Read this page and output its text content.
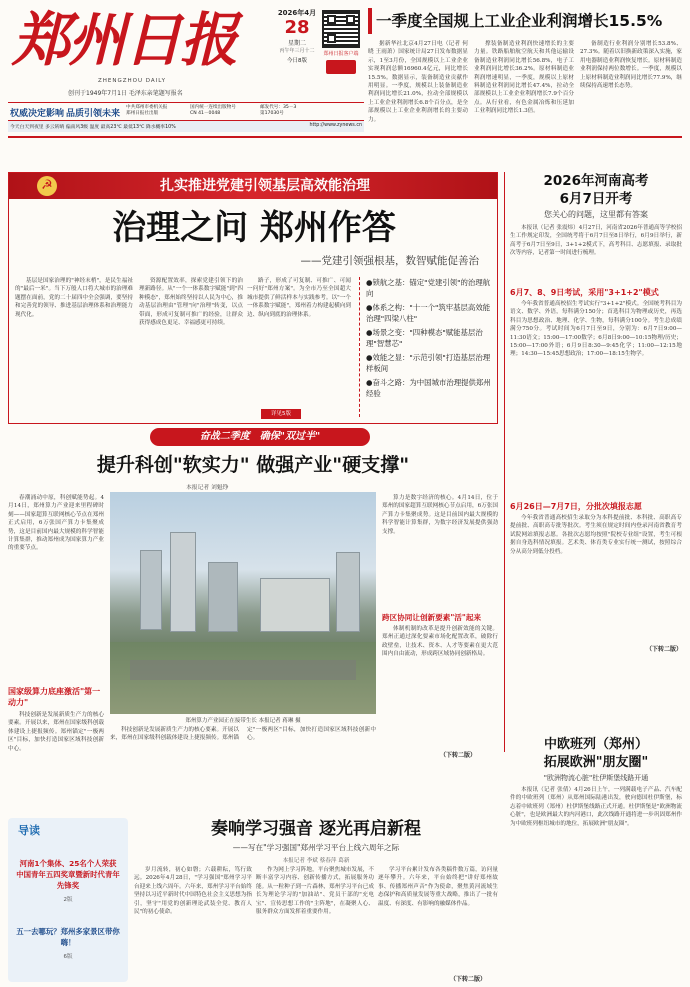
郑州日报
ZHENGZHOU DAILY
创刊于1949年7月1日 毛泽东亲笔题写报名
2026年4月
28
星期二
丙午年三月十二
今日8版
郑州日报客户端
权威决定影响 品质引领未来
中共郑州市委机关报
郑州日报社出版
国内统一连续出版物号
CN 41－0048
邮发代号：35－3
第17030号
今天白天到夜里 多云转晴 偏南风3级 温度 最高23℃ 最低13℃ 降水概率10%	http://www.zynews.cn
一季度全国规上工业企业利润增长15.5%

据新华社北京4月27日电（记者 何晓 王雨萧）国家统计局27日发布数据显示，1至3月份，全国规模以上工业企业实现利润总额16960.4亿元，同比增长15.5%。数据显示，装备制造业贡献作用明显。一季度，规模以上装备制造业利润同比增长21.0%，拉动全部规模以上工业企业利润增长6.8个百分点，是全部规模以上工业企业利润增长的主要动力。

撑装备制造业利润快速增长的主要力量。铁路船舶航空航天和其他运输设备制造业利润同比增长56.8%，电子工业利润同比增长36.2%。原材料制造业利润增速明显，一季度，规模以上原材料制造业利润同比增长47.4%，拉动全部规模以上工业企业利润增长7.9个百分点。从行业看，有色金属冶炼和压延加工业利润同比增长1.3倍。

备制造行业利润分别增长53.8%、27.3%。随着以旧换新政策深入实施，家用电器制造业利润恢复增长。原材料制造业利润保持两位数增长。一季度，规模以上原材料制造业利润同比增长77.9%，继续保持高速增长态势。

☭	扎实推进党建引领基层高效能治理
治理之问 郑州作答
——党建引领强根基，数智赋能促善治

基层是国家治理的"神经末梢"，是民生福祉的"最后一米"。当下万般人口将大城市的治理难题摆在面前，党的二十届四中全会强调，要坚持和完善党的领导、推进基层治理体系和治理能力现代化。

资源配置效率，探索党建引领下的治理新路径。从"一个一体系数字赋能"到"四种模态"，郑州始终坚持以人民为中心，推动基层治理由"管理"向"治理"转变，以点带面，形成可复制可推广的经验，让群众获得感成色更足、幸福感更可持续。

路子，形成了可复制、可推广、可闻一问好"郑州方案"。为全市乃至全国超大城市提供了鲜活样本与实践参考。以"一个一体系数字赋能"，郑州着力构建起横向到边、纵向到底的治理体系。

详见5版
●锁航之基：锚定"党建引领"的治理航向
●体系之构："十一个"筑牢基层高效能治理"四梁八柱"
●场景之变："四种模态"赋能基层治理"智慧芯"
●效能之显："示范引领"打造基层治理样板间
●奋斗之路：为中国城市治理提供郑州经验
奋战二季度　确保"双过半"
提升科创"软实力" 做强产业"硬支撑"
本报记者 刘魁铮

春潮涌动中原，科创赋能势起。4月14日，郑州算力产业迎来里程碑时刻——国家超算互联网核心节点在郑州正式启用，6万张国产算力卡集聚成势，这是目前国内最大规模的科学智能计算集群，推动郑州成为国家算力产业的重要节点。

国家级算力底座激活"第一动力"

科技创新是发展新质生产力的核心要素。开展以来，郑州在国家级科创载体建设上捷报频传。郑州锚定"一极两区"目标，加快打造国家区域科技创新中心。

郑州算力产业园正在接带生长 本报记者 蒋琳 摄

算力是数字经济的核心。4月14日，位于郑州的国家超算互联网核心节点启用，6万张国产算力卡集聚成势。这是目前国内最大规模的科学智能计算集群，为数字经济发展提供强劲支撑。

跨区协同让创新要素"活"起来

体制机制的改革是提升创新效能的关键。郑州正通过深化要素市场化配置改革，破除行政壁垒，让技术、资本、人才等要素在更大范围内自由流动，形成跨区域协同创新格局。

（下转二版）

科技创新是发展新质生产力的核心要素。开展以来，郑州在国家级科创载体建设上捷报频传。郑州锚定"一极两区"目标，加快打造国家区域科技创新中心。

2026年河南高考
6月7日开考
您关心的问题，这里都有答案

本报讯（记者 张震炜）4月27日，河南省2026年普通高等学校招生工作规定印发，全国统考将于6月7日至8日举行，6月9日举行，新高考于6月7日至9日，3+1+2模式下，高考科目、志愿填报、录取批次等内容，记者第一时间进行梳理。

6月7、8、9日考试，采用"3+1+2"模式

今年我省普通高校招生考试实行"3+1+2"模式。全国统考科目为语文、数学、外语，每科满分150分；首选科目为物理或历史，再选科目为思想政治、地理、化学、生物，每科满分100分。考生总成绩满分750分。考试时间为6月7日至9日，分别为：6月7日9:00—11:30语文；15:00—17:00数学；6月8日9:00—10:15物理/历史；15:00—17:00外语；6月9日8:30—9:45化学；11:00—12:15地理；14:30—15:45思想政治；17:00—18:15生物学。

6月26日—7月7日，分批次填报志愿

今年我省普通高校招生录取分为本科提前批、本科批、高职高专提前批、高职高专批等批次。考生须在规定时间内登录河南省教育考试院网站填报志愿。各批次志愿均按照"院校专业组"设置，考生可根据自身选科情况填报。艺术类、体育类专业实行统一测试，按照综合分从高分到低分投档。

（下转二版）
中欧班列（郑州）
拓展欧洲"朋友圈"
"欧洲物流心脏"杜伊斯堡线路开通

本报讯（记者 张倩）4月26日上午，一列满载电子产品、汽车配件的中欧班列（郑州）从郑州国际陆港出发，驶向德国杜伊斯堡，标志着中欧班列（郑州）杜伊斯堡线路正式开通。杜伊斯堡是"欧洲物流心脏"，也是欧洲最大的内河港口，此次线路开通将进一步巩固郑州作为中欧班列枢纽城市的地位，拓展欧洲"朋友圈"。

导读
河南1个集体、25名个人荣获中国青年五四奖章暨新时代青年先锋奖
2版
五一去哪玩？郑州多家景区带你嗨！
6版
奏响学习强音 逐光再启新程
——写在"学习强国"郑州学习平台上线六周年之际
本报记者 李斌 蔡春萍 葛新

岁月流转，初心如磐；六载耕耘，笃行致远。2026年4月28日，"学习强国"郑州学习平台迎来上线六周年。六年来，郑州学习平台始终坚持以习近平新时代中国特色社会主义思想为指引，坚守"用党的创新理论武装全党、教育人民"的初心使命。

作为网上学习阵地，平台聚焦城市发展，不断丰富学习内容、创新传播方式，拓展服务功能。从一粒种子到一片森林，郑州学习平台已成长为理论学习的"加油站"、党员干部的"充电宝"、宣传思想工作的"主阵地"，在凝聚人心、服务群众方面发挥着重要作用。

学习平台累计发布各类稿件数万篇，访问量逐年攀升。六年来，平台始终把"讲好郑州故事、传播郑州声音"作为使命，聚焦黄河流域生态保护和高质量发展等重大战略，推出了一批有温度、有深度、有影响的融媒体作品。

（下转二版）
